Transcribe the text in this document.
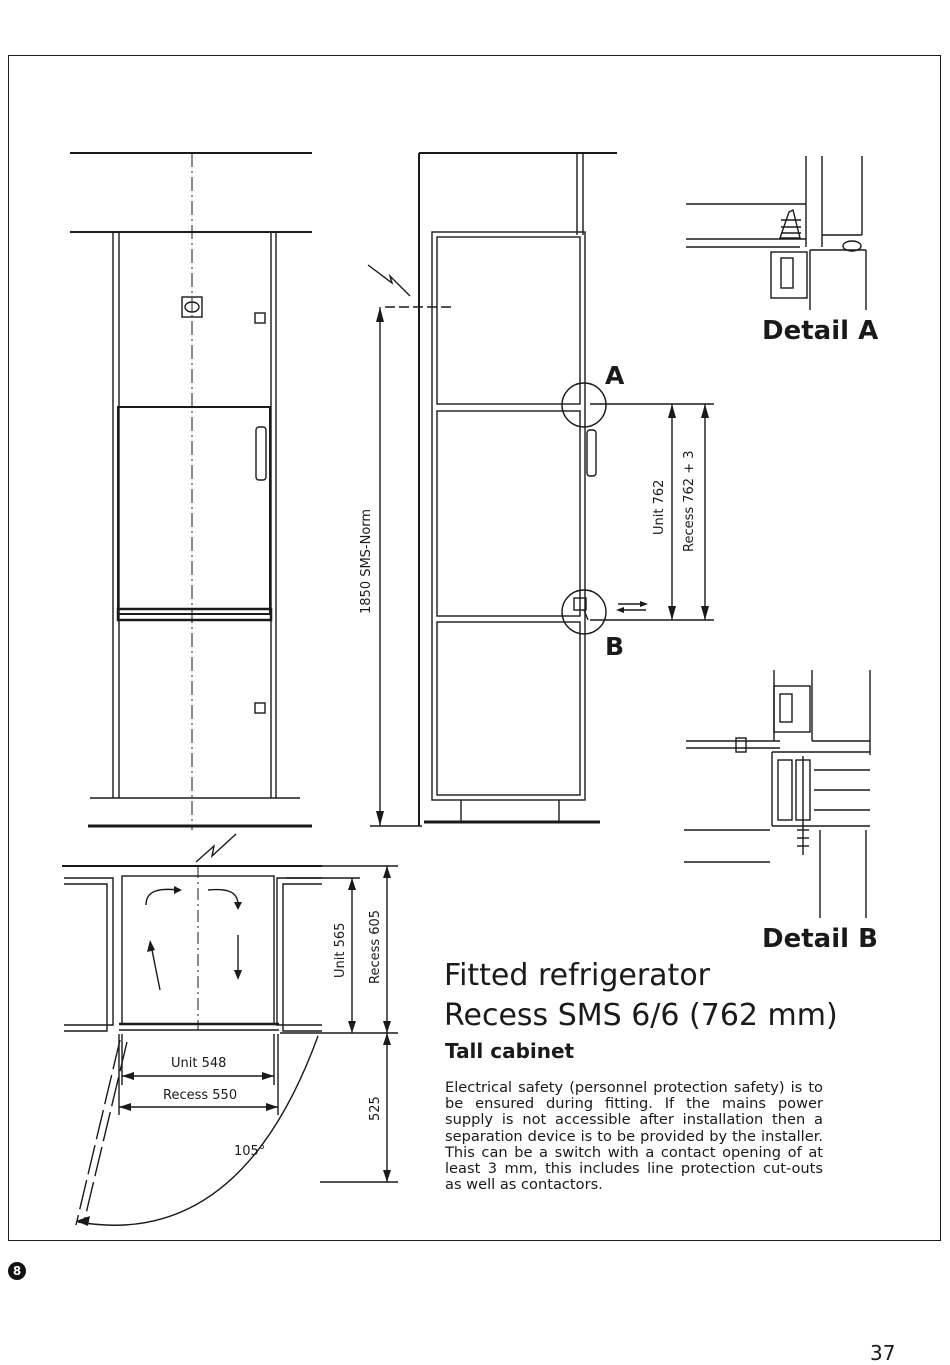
Detail A
Detail B
A
B
1850 SMS-Norm
Unit 762 Recess 762 + 3
Unit 565 Recess 605
525
Unit 548
Recess 550
105°
Fitted refrigerator
Recess SMS 6/6 (762 mm)
Tall cabinet
Electrical safety (personnel protection safety) is to be ensured during fitting. If the mains power supply is not accessible after installation then a separation device is to be provided by the installer. This can be a switch with a contact opening of at least 3 mm, this includes line protection cut-outs as well as contactors.
8
37
